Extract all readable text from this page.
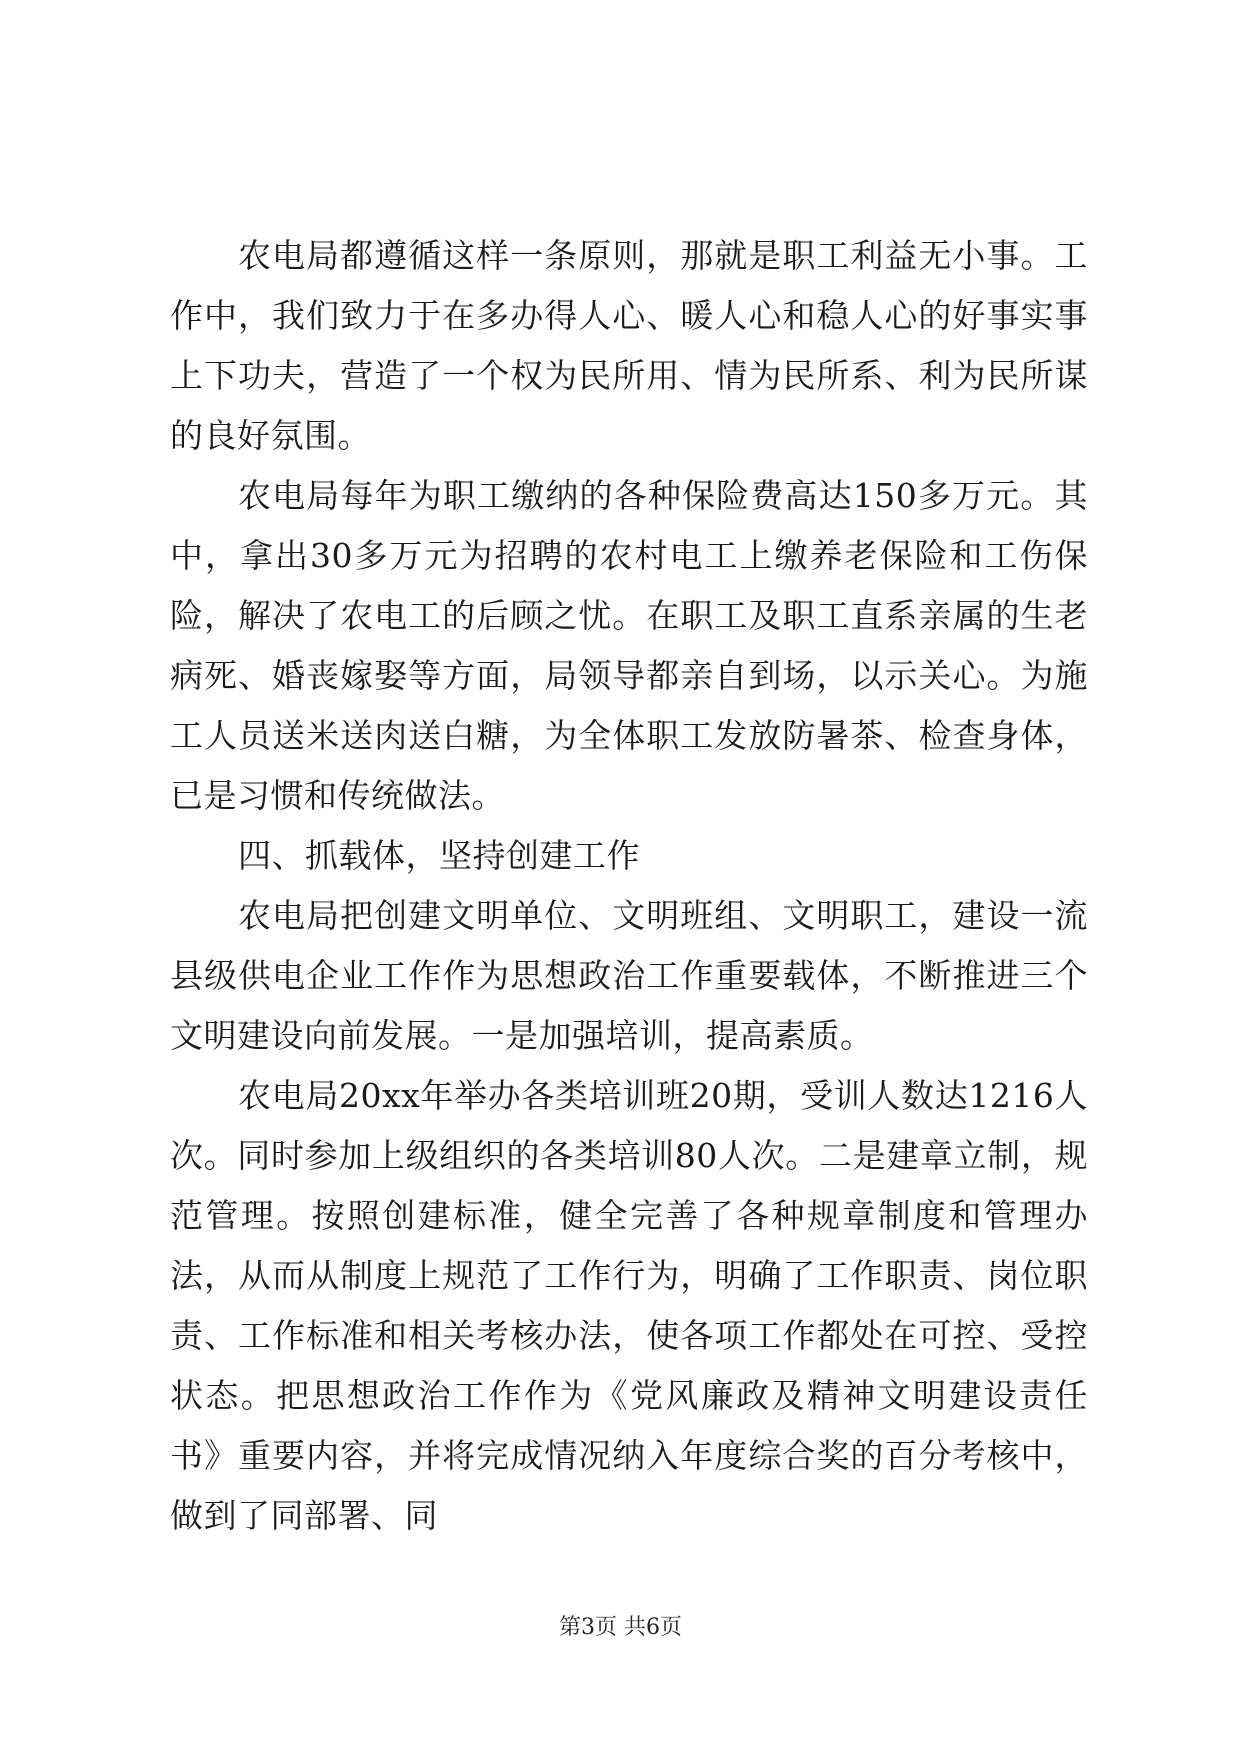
农电局都遵循这样一条原则，那就是职工利益无小事。工作中，我们致力于在多办得人心、暖人心和稳人心的好事实事上下功夫，营造了一个权为民所用、情为民所系、利为民所谋的良好氛围。

农电局每年为职工缴纳的各种保险费高达150多万元。其中，拿出30多万元为招聘的农村电工上缴养老保险和工伤保险，解决了农电工的后顾之忧。在职工及职工直系亲属的生老病死、婚丧嫁娶等方面，局领导都亲自到场，以示关心。为施工人员送米送肉送白糖，为全体职工发放防暑茶、检查身体，已是习惯和传统做法。

四、抓载体，坚持创建工作

农电局把创建文明单位、文明班组、文明职工，建设一流县级供电企业工作作为思想政治工作重要载体，不断推进三个文明建设向前发展。一是加强培训，提高素质。

农电局20xx年举办各类培训班20期，受训人数达1216人次。同时参加上级组织的各类培训80人次。二是建章立制，规范管理。按照创建标准，健全完善了各种规章制度和管理办法，从而从制度上规范了工作行为，明确了工作职责、岗位职责、工作标准和相关考核办法，使各项工作都处在可控、受控状态。把思想政治工作作为《党风廉政及精神文明建设责任书》重要内容，并将完成情况纳入年度综合奖的百分考核中，做到了同部署、同

第3页 共6页
